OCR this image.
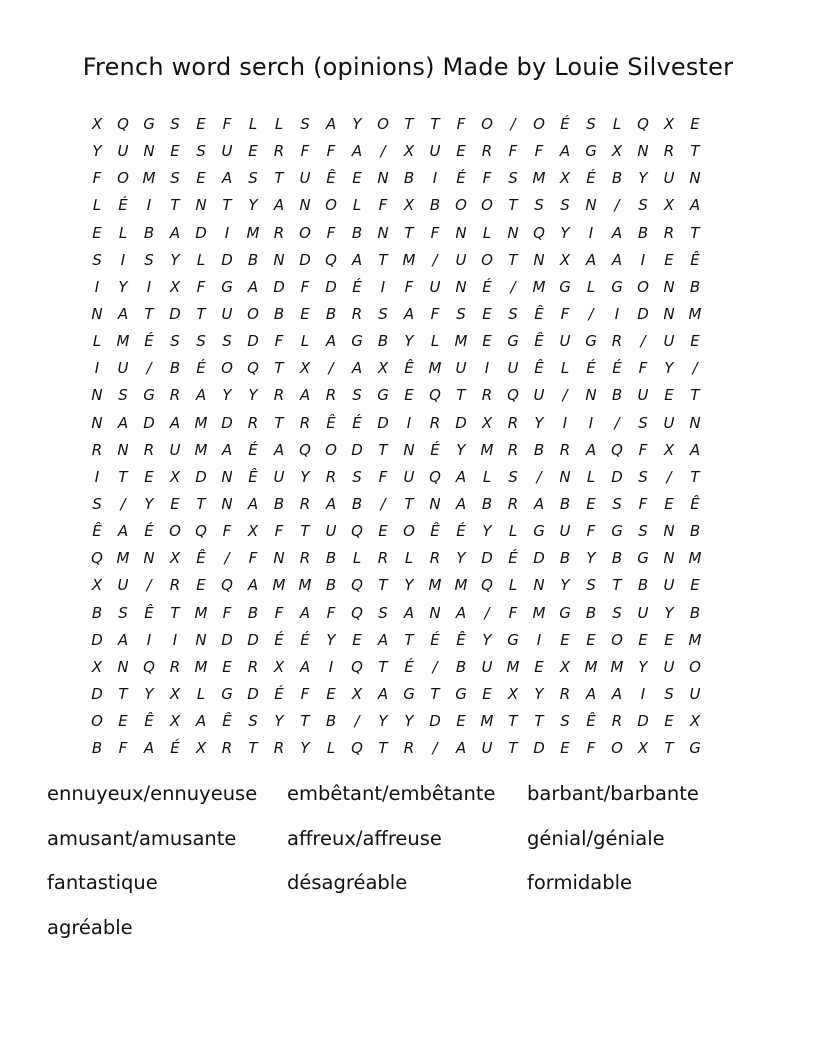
French word serch (opinions) Made by Louie Silvester
X Q G	S	E	F	L	L	S	A	Y	O	T	T	F	O	/	O	É	S	L	Q X	E
Y	U N	E	S	U	E	R	F	F	A	/	X	U	E	R	F	F	A	G	X	N	R	T
F	O M S	E	A	S	T	U	Ê	E	N	B	I	É	F	S M X	É	B	Y	U N
L	É	I	T	N	T	Y	A	N O	L	F	X	B O O	T	S	S	N	/	S	X	A
E	L	B	A	D	I	M R O	F	B	N	T	F	N	L	N Q	Y	I	A	B	R	T
S	I	S	Y	L	D	B	N D Q A	T M	/	U O	T	N	X	A	A	I	E	Ê
I	Y	I	X	F	G	A	D	F	D	É	I	F	U N	É	/	M G	L	G O N	B
N	A	T	D	T	U O B	E	B	R	S	A	F	S	E	S	Ê	F	/	I	D N M
L	M É	S	S	S	D	F	L	A	G	B	Y	L	M E	G	Ê	U G R	/	U	E
I	U	/	B	É	O Q	T	X	/	A	X	Ê M U	I	U	Ê	L	É	É	F	Y	/
N	S	G R	A	Y	Y	R	A	R	S	G	E	Q	T	R Q U	/	N	B	U	E	T
N	A	D	A M D	R	T	R	Ê	É	D	I	R	D	X	R	Y	I	I	/	S	U N
R	N	R	U M A	É	A Q O D	T	N	É	Y M R	B	R	A Q	F	X	A
I	T	E	X	D N	Ê	U	Y	R	S	F	U Q A	L	S	/	N	L	D	S	/	T
S	/	Y	E	T	N	A	B	R	A	B	/	T	N	A	B	R	A	B	E	S	F	E	Ê
Ê	A	É	O Q	F	X	F	T	U Q	E	O	Ê	É	Y	L	G U	F	G	S	N	B
Q M N	X	Ê	/	F	N	R	B	L	R	L	R	Y	D	É	D	B	Y	B	G N M
X	U	/	R	E	Q A M M B Q	T	Y M M Q	L	N	Y	S	T	B	U	E
B	S	Ê	T M	F	B	F	A	F	Q	S	A	N	A	/	F	M G	B	S	U	Y	B
D	A	I	I	N D D	É	É	Y	E	A	T	É	Ê	Y	G	I	E	E	O	E	E M
X	N Q R M E	R	X	A	I	Q	T	É	/	B	U M E	X M M Y	U O
D	T	Y	X	L	G D	É	F	E	X	A	G	T	G	E	X	Y	R	A	A	I	S	U
O	E	Ê	X	A	Ê	S	Y	T	B	/	Y	Y	D	E M T	T	S	Ê	R	D	E	X
B	F	A	É	X	R	T	R	Y	L	Q	T	R	/	A	U	T	D	E	F	O X	T	G
ennuyeux/ennuyeuse	embêtant/embêtante	barbant/barbante
amusant/amusante	affreux/affreuse	génial/géniale
fantastique	désagréable	formidable
agréable
